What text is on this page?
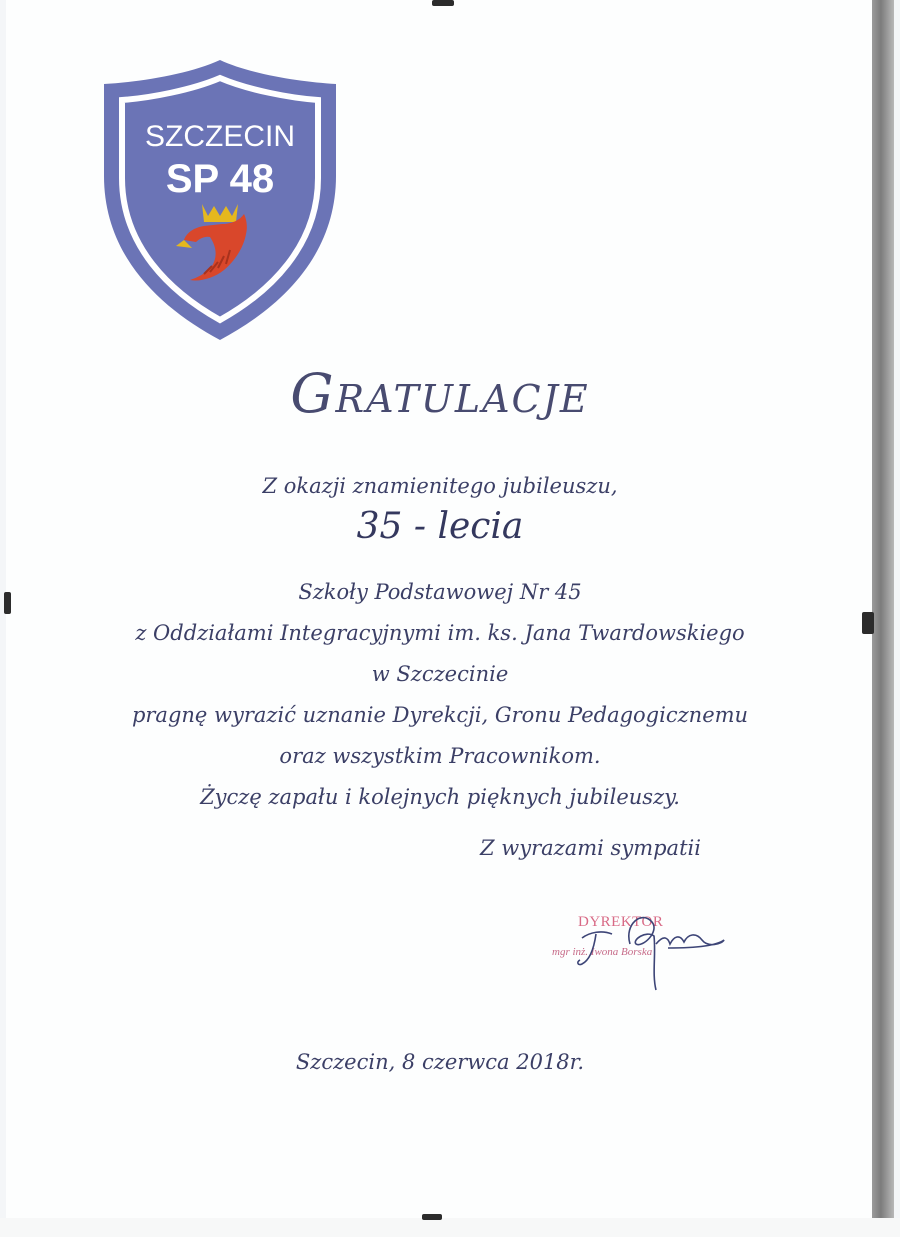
SZCZECIN
SP 48
Gratulacje
Z okazji znamienitego jubileuszu,
35 - lecia
Szkoły Podstawowej Nr 45
z Oddziałami Integracyjnymi im. ks. Jana Twardowskiego
w Szczecinie
pragnę wyrazić uznanie Dyrekcji, Gronu Pedagogicznemu
oraz wszystkim Pracownikom.
Życzę zapału i kolejnych pięknych jubileuszy.
Z wyrazami sympatii
DYREKTOR
mgr inż. Iwona Borska
Szczecin, 8 czerwca 2018r.
